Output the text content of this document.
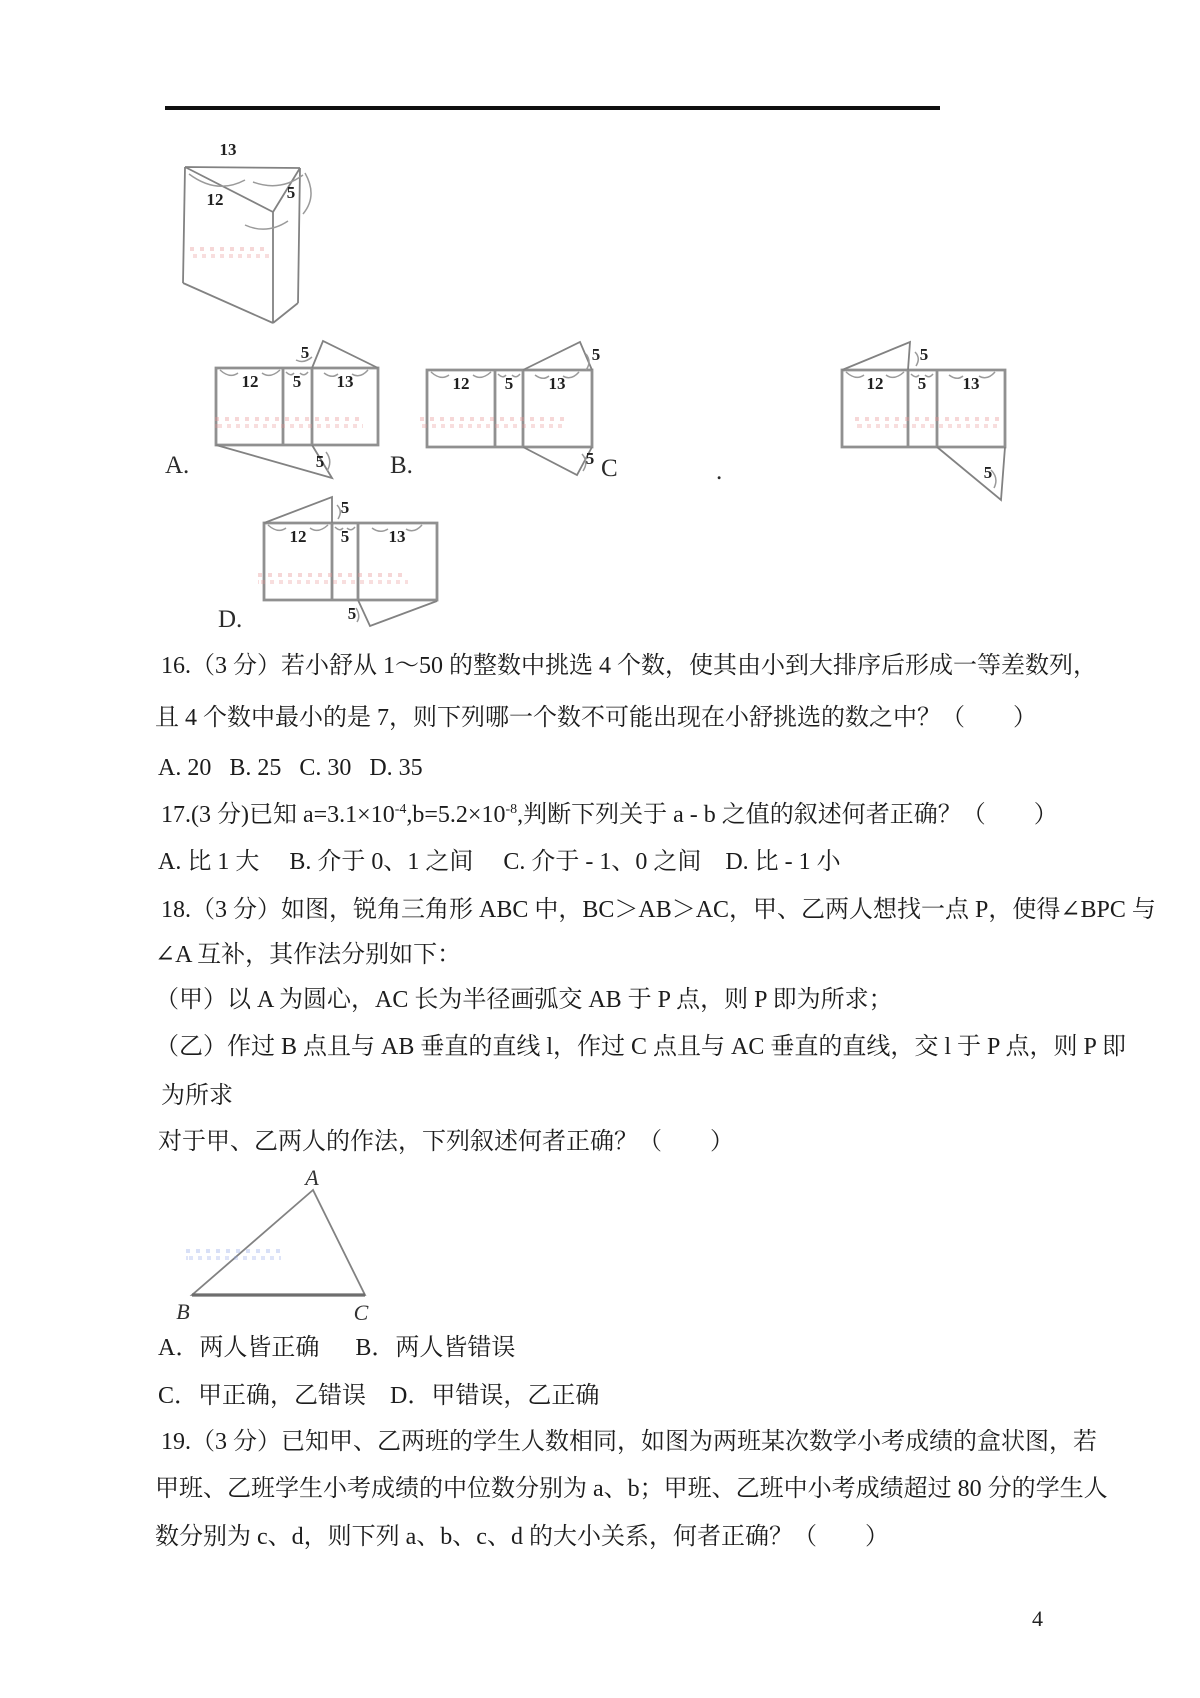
13
12	5
12 5 13
5
5
12 5 13
5
5
12 5 13
5
5
12 5 13
5
5
A.	B.	C	.
D.
16.（3 分）若小舒从 1～50 的整数中挑选 4 个数，使其由小到大排序后形成一等差数列，
且 4 个数中最小的是 7，则下列哪一个数不可能出现在小舒挑选的数之中？（　　）
A. 20   B. 25   C. 30   D. 35
17.(3 分)已知 $a=3.1\times 10^{-4},b=5.2\times 10^{-8}$,判断下列关于 a - b 之值的叙述何者正确？（　　）
A. 比 1 大     B. 介于 0、1 之间     C. 介于 - 1、0 之间    D. 比 - 1 小
18.（3 分）如图，锐角三角形 ABC 中，BC＞AB＞AC，甲、乙两人想找一点 P，使得∠BPC 与
∠A 互补，其作法分别如下：
（甲）以 A 为圆心，AC 长为半径画弧交 AB 于 P 点，则 P 即为所求；
（乙）作过 B 点且与 AB 垂直的直线 l，作过 C 点且与 AC 垂直的直线，交 l 于 P 点，则 P 即
为所求
对于甲、乙两人的作法，下列叙述何者正确？（　　）
A
B	C
A．两人皆正确      B．两人皆错误
C．甲正确，乙错误    D．甲错误，乙正确
19.（3 分）已知甲、乙两班的学生人数相同，如图为两班某次数学小考成绩的盒状图，若
甲班、乙班学生小考成绩的中位数分别为 a、b；甲班、乙班中小考成绩超过 80 分的学生人
数分别为 c、d，则下列 a、b、c、d 的大小关系，何者正确？（　　）
4
